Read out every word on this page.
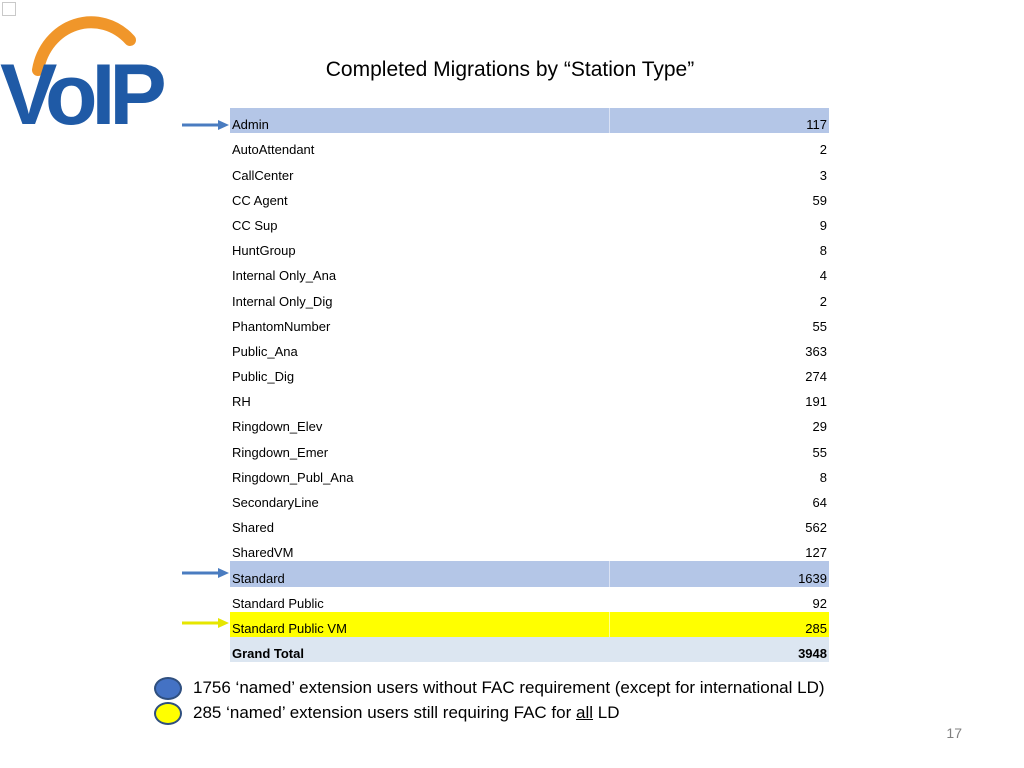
VoIP	Completed Migrations by “Station Type”
Admin	117
AutoAttendant	2
CallCenter	3
CC Agent	59
CC Sup	9
HuntGroup	8
Internal Only_Ana	4
Internal Only_Dig	2
PhantomNumber	55
Public_Ana	363
Public_Dig	274
RH	191
Ringdown_Elev	29
Ringdown_Emer	55
Ringdown_Publ_Ana	8
SecondaryLine	64
Shared	562
SharedVM	127
Standard	1639
Standard Public	92
Standard Public VM	285
Grand Total	3948
1756 ‘named’ extension users without FAC requirement (except for international LD)
285 ‘named’ extension users still requiring FAC for all LD
17
